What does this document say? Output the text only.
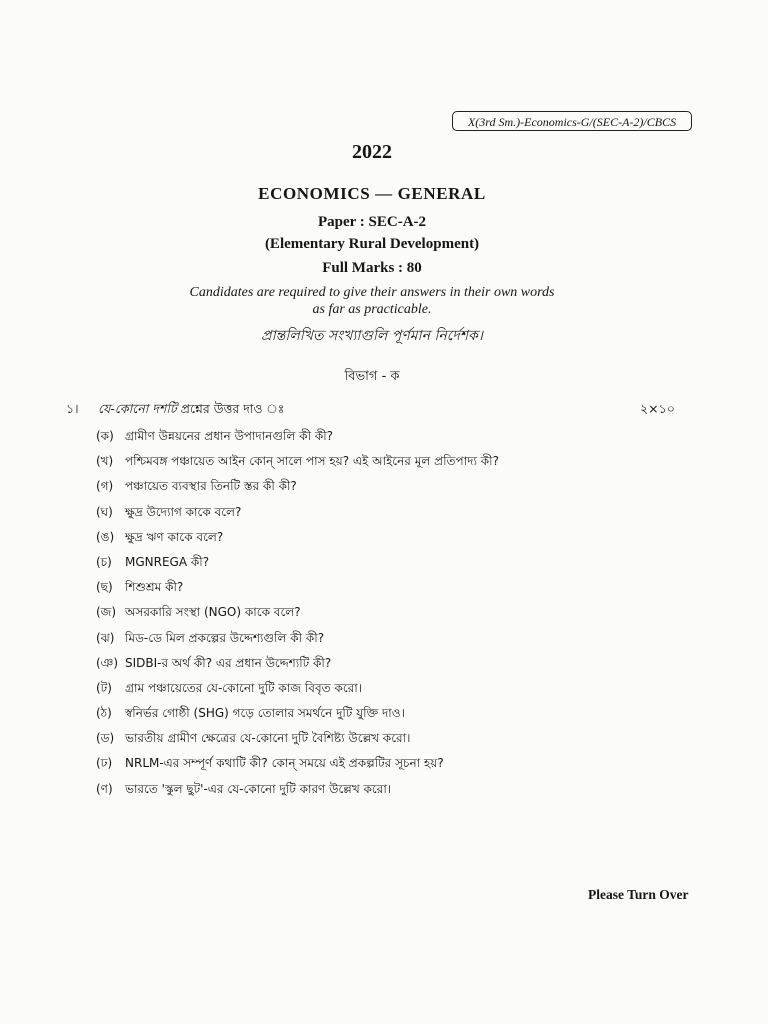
X(3rd Sm.)-Economics-G/(SEC-A-2)/CBCS
2022
ECONOMICS — GENERAL
Paper : SEC-A-2
(Elementary Rural Development)
Full Marks : 80
Candidates are required to give their answers in their own words
as far as practicable.
প্রান্তলিখিত সংখ্যাগুলি পূর্ণমান নির্দেশক।
বিভাগ - ক
১। যে-কোনো দশটি প্রশ্নের উত্তর দাও ঃ	২×১০
(ক) গ্রামীণ উন্নয়নের প্রধান উপাদানগুলি কী কী?
(খ) পশ্চিমবঙ্গ পঞ্চায়েত আইন কোন্ সালে পাস হয়? এই আইনের মূল প্রতিপাদ্য কী?
(গ) পঞ্চায়েত ব্যবস্থার তিনটি স্তর কী কী?
(ঘ) ক্ষুদ্র উদ্যোগ কাকে বলে?
(ঙ) ক্ষুদ্র ঋণ কাকে বলে?
(চ) MGNREGA কী?
(ছ) শিশুশ্রম কী?
(জ) অসরকারি সংস্থা (NGO) কাকে বলে?
(ঝ) মিড-ডে মিল প্রকল্পের উদ্দেশ্যগুলি কী কী?
(ঞ) SIDBI-র অর্থ কী? এর প্রধান উদ্দেশ্যটি কী?
(ট) গ্রাম পঞ্চায়েতের যে-কোনো দুটি কাজ বিবৃত করো।
(ঠ) স্বনির্ভর গোষ্ঠী (SHG) গড়ে তোলার সমর্থনে দুটি যুক্তি দাও।
(ড) ভারতীয় গ্রামীণ ক্ষেত্রের যে-কোনো দুটি বৈশিষ্ট্য উল্লেখ করো।
(ঢ) NRLM-এর সম্পূর্ণ কথাটি কী? কোন্ সময়ে এই প্রকল্পটির সূচনা হয়?
(ণ) ভারতে 'স্কুল ছুট'-এর যে-কোনো দুটি কারণ উল্লেখ করো।
Please Turn Over
